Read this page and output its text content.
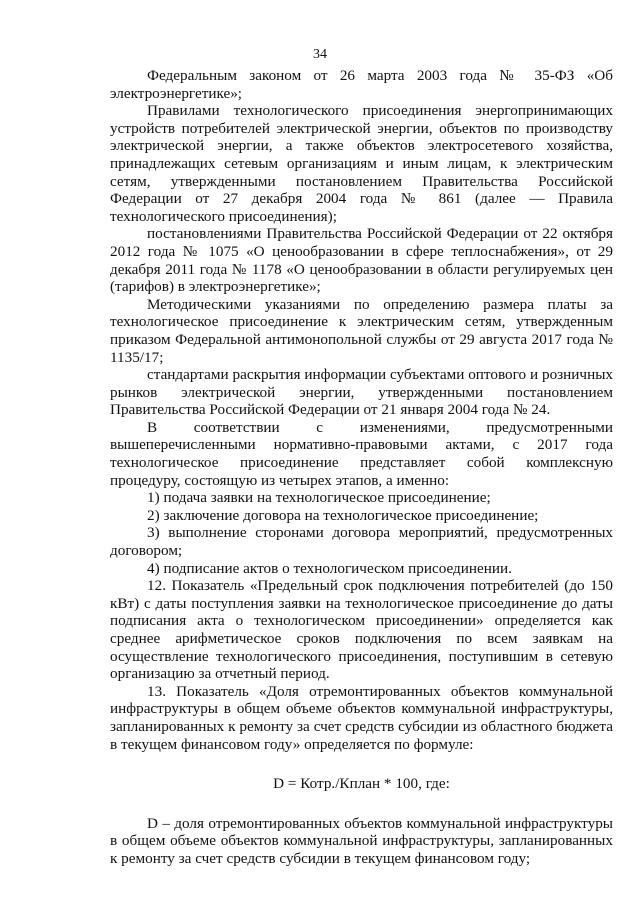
34

Федеральным законом от 26 марта 2003 года № 35-ФЗ «Об электроэнергетике»;

Правилами технологического присоединения энергопринимающих устройств потребителей электрической энергии, объектов по производству электрической энергии, а также объектов электросетевого хозяйства, принадлежащих сетевым организациям и иным лицам, к электрическим сетям, утвержденными постановлением Правительства Российской Федерации от 27 декабря 2004 года № 861 (далее — Правила технологического присоединения);

постановлениями Правительства Российской Федерации от 22 октября 2012 года № 1075 «О ценообразовании в сфере теплоснабжения», от 29 декабря 2011 года № 1178 «О ценообразовании в области регулируемых цен (тарифов) в электроэнергетике»;

Методическими указаниями по определению размера платы за технологическое присоединение к электрическим сетям, утвержденным приказом Федеральной антимонопольной службы от 29 августа 2017 года № 1135/17;

стандартами раскрытия информации субъектами оптового и розничных рынков электрической энергии, утвержденными постановлением Правительства Российской Федерации от 21 января 2004 года № 24.

В соответствии с изменениями, предусмотренными вышеперечисленными нормативно-правовыми актами, с 2017 года технологическое присоединение представляет собой комплексную процедуру, состоящую из четырех этапов, а именно:

1) подача заявки на технологическое присоединение;

2) заключение договора на технологическое присоединение;

3) выполнение сторонами договора мероприятий, предусмотренных договором;

4) подписание актов о технологическом присоединении.

12. Показатель «Предельный срок подключения потребителей (до 150 кВт) с даты поступления заявки на технологическое присоединение до даты подписания акта о технологическом присоединении» определяется как среднее арифметическое сроков подключения по всем заявкам на осуществление технологического присоединения, поступившим в сетевую организацию за отчетный период.

13. Показатель «Доля отремонтированных объектов коммунальной инфраструктуры в общем объеме объектов коммунальной инфраструктуры, запланированных к ремонту за счет средств субсидии из областного бюджета в текущем финансовом году» определяется по формуле:

D = Котр./Кплан * 100, где:

D – доля отремонтированных объектов коммунальной инфраструктуры в общем объеме объектов коммунальной инфраструктуры, запланированных к ремонту за счет средств субсидии в текущем финансовом году;
